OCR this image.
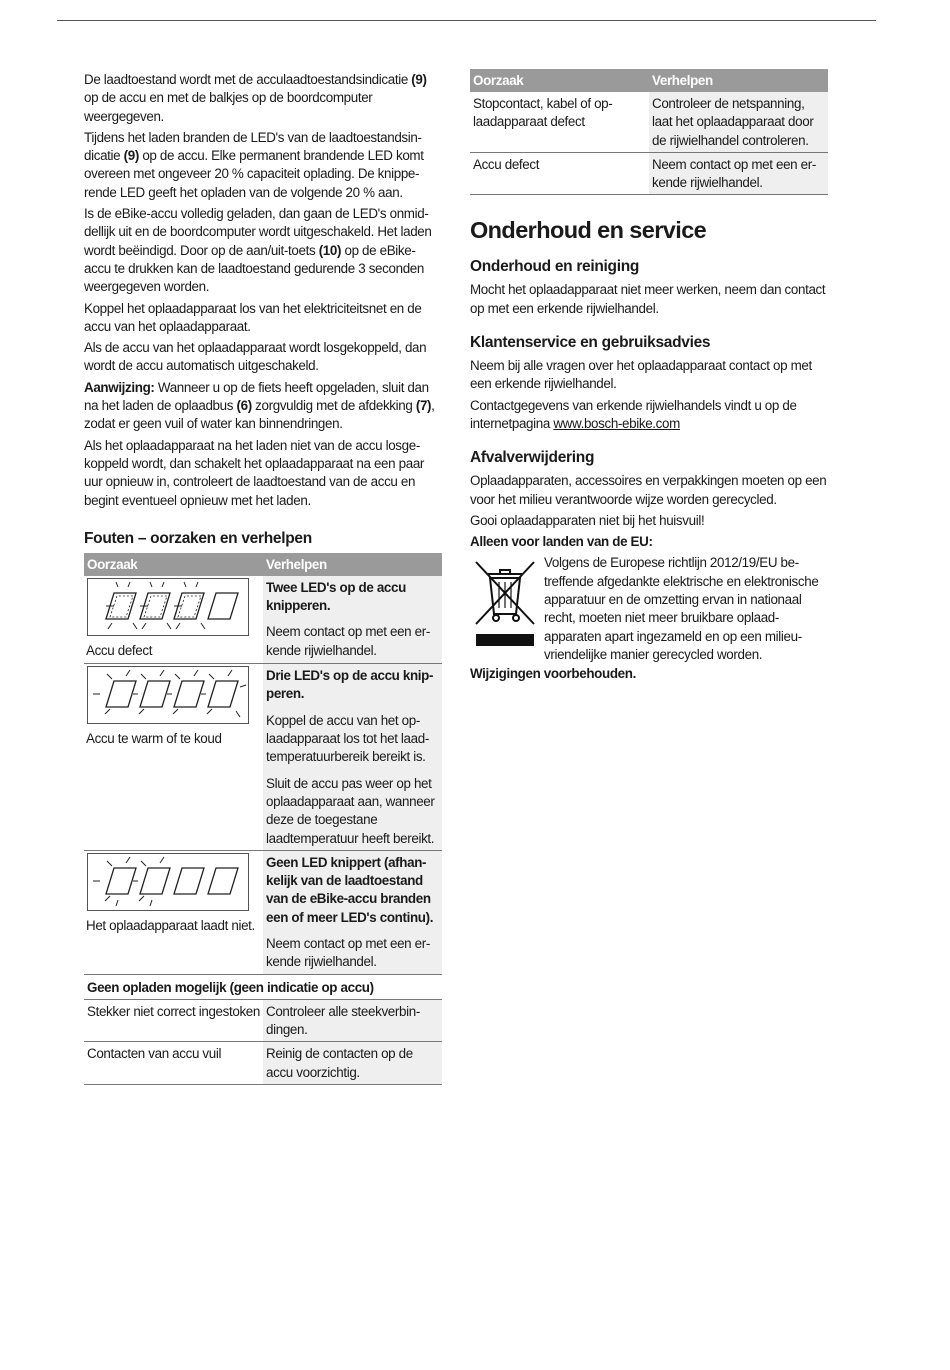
De laadtoestand wordt met de acculaadtoestandsindicatie (9) op de accu en met de balkjes op de boordcomputer weergegeven.

Tijdens het laden branden de LED's van de laadtoestandsindicatie (9) op de accu. Elke permanent brandende LED komt overeen met ongeveer 20 % capaciteit oplading. De knipperende LED geeft het opladen van de volgende 20 % aan.

Is de eBike-accu volledig geladen, dan gaan de LED's onmiddellijk uit en de boordcomputer wordt uitgeschakeld. Het laden wordt beëindigd. Door op de aan/uit-toets (10) op de eBike-accu te drukken kan de laadtoestand gedurende 3 seconden weergegeven worden.

Koppel het oplaadapparaat los van het elektriciteitsnet en de accu van het oplaadapparaat.

Als de accu van het oplaadapparaat wordt losgekoppeld, dan wordt de accu automatisch uitgeschakeld.

Aanwijzing: Wanneer u op de fiets heeft opgeladen, sluit dan na het laden de oplaadbus (6) zorgvuldig met de afdekking (7), zodat er geen vuil of water kan binnendringen.

Als het oplaadapparaat na het laden niet van de accu losgekoppeld wordt, dan schakelt het oplaadapparaat na een paar uur opnieuw in, controleert de laadtoestand van de accu en begint eventueel opnieuw met het laden.

Fouten – oorzaken en verhelpen
Oorzaak	Verhelpen

Accu defect	Twee LED's op de accu knipperen.
Neem contact op met een erkende rijwielhandel.

Accu te warm of te koud	Drie LED's op de accu knipperen.
Koppel de accu van het oplaadapparaat los tot het laadtemperatuurbereik bereikt is.
Sluit de accu pas weer op het oplaadapparaat aan, wanneer deze de toegestane laadtemperatuur heeft bereikt.

Het oplaadapparaat laadt niet.	Geen LED knippert (afhankelijk van de laadtoestand van de eBike-accu branden een of meer LED's continu).
Neem contact op met een erkende rijwielhandel.

Geen opladen mogelijk (geen indicatie op accu)	
Stekker niet correct ingestoken	Controleer alle steekverbindingen.
Contacten van accu vuil	Reinig de contacten op de accu voorzichtig.
Oorzaak	Verhelpen
Stopcontact, kabel of oplaadapparaat defect	Controleer de netspanning, laat het oplaadapparaat door de rijwielhandel controleren.
Accu defect	Neem contact op met een erkende rijwielhandel.
Onderhoud en service
Onderhoud en reiniging

Mocht het oplaadapparaat niet meer werken, neem dan contact op met een erkende rijwielhandel.

Klantenservice en gebruiksadvies

Neem bij alle vragen over het oplaadapparaat contact op met een erkende rijwielhandel.

Contactgegevens van erkende rijwielhandels vindt u op de internetpagina www.bosch-ebike.com

Afvalverwijdering

Oplaadapparaten, accessoires en verpakkingen moeten op een voor het milieu verantwoorde wijze worden gerecycled.

Gooi oplaadapparaten niet bij het huisvuil!

Alleen voor landen van de EU:

Volgens de Europese richtlijn 2012/19/EU betreffende afgedankte elektrische en elektronische apparatuur en de omzetting ervan in nationaal recht, moeten niet meer bruikbare oplaadapparaten apart ingezameld en op een milieuvriendelijke manier gerecycled worden.

Wijzigingen voorbehouden.
